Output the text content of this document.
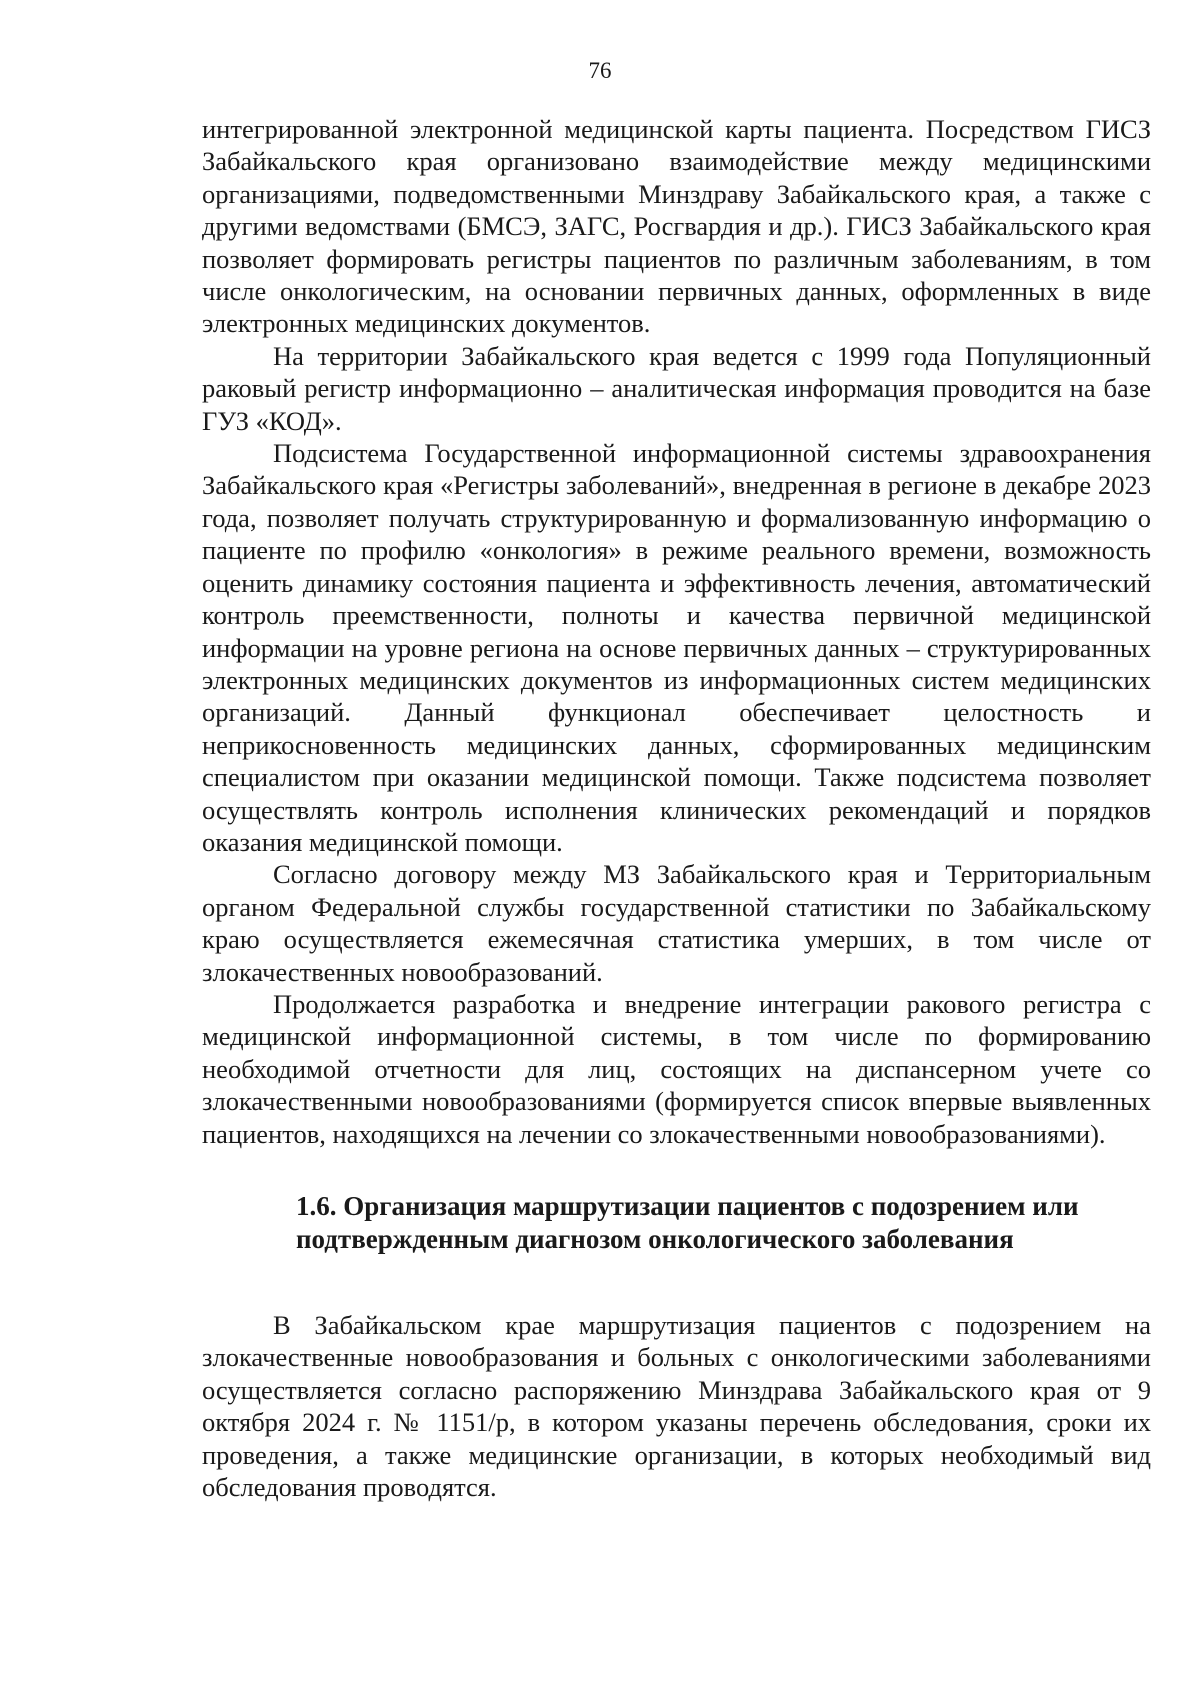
76

интегрированной электронной медицинской карты пациента. Посредством ГИСЗ Забайкальского края организовано взаимодействие между медицинскими организациями, подведомственными Минздраву Забайкальского края, а также с другими ведомствами (БМСЭ, ЗАГС, Росгвардия и др.). ГИСЗ Забайкальского края позволяет формировать регистры пациентов по различным заболеваниям, в том числе онкологическим, на основании первичных данных, оформленных в виде электронных медицинских документов.

На территории Забайкальского края ведется с 1999 года Популяционный раковый регистр информационно – аналитическая информация проводится на базе ГУЗ «КОД».

Подсистема Государственной информационной системы здравоохранения Забайкальского края «Регистры заболеваний», внедренная в регионе в декабре 2023 года, позволяет получать структурированную и формализованную информацию о пациенте по профилю «онкология» в режиме реального времени, возможность оценить динамику состояния пациента и эффективность лечения, автоматический контроль преемственности, полноты и качества первичной медицинской информации на уровне региона на основе первичных данных – структурированных электронных медицинских документов из информационных систем медицинских организаций. Данный функционал обеспечивает целостность и неприкосновенность медицинских данных, сформированных медицинским специалистом при оказании медицинской помощи. Также подсистема позволяет осуществлять контроль исполнения клинических рекомендаций и порядков оказания медицинской помощи.

Согласно договору между МЗ Забайкальского края и Территориальным органом Федеральной службы государственной статистики по Забайкальскому краю осуществляется ежемесячная статистика умерших, в том числе от злокачественных новообразований.

Продолжается разработка и внедрение интеграции ракового регистра с медицинской информационной системы, в том числе по формированию необходимой отчетности для лиц, состоящих на диспансерном учете со злокачественными новообразованиями (формируется список впервые выявленных пациентов, находящихся на лечении со злокачественными новообразованиями).

1.6. Организация маршрутизации пациентов с подозрением или подтвержденным диагнозом онкологического заболевания

В Забайкальском крае маршрутизация пациентов с подозрением на злокачественные новообразования и больных с онкологическими заболеваниями осуществляется согласно распоряжению Минздрава Забайкальского края от 9 октября 2024 г. № 1151/р, в котором указаны перечень обследования, сроки их проведения, а также медицинские организации, в которых необходимый вид обследования проводятся.
